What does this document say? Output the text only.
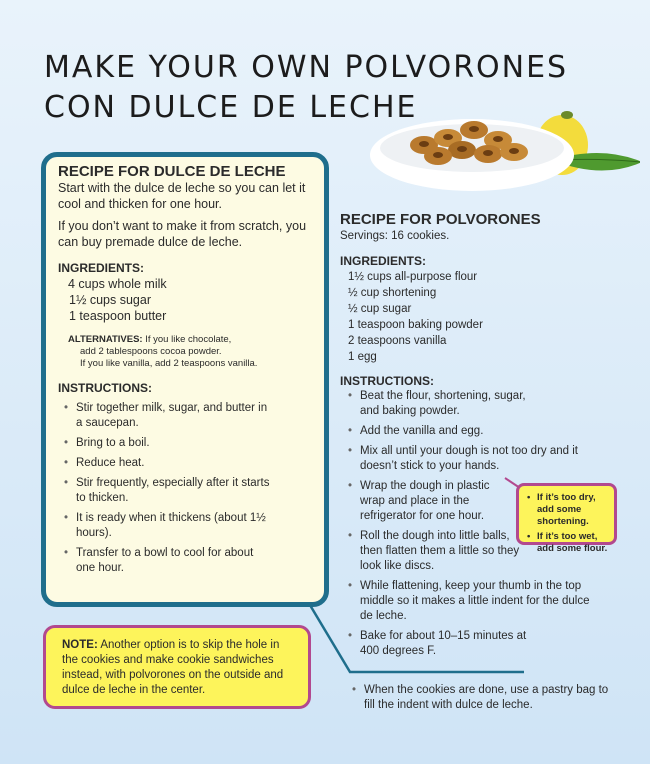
MAKE YOUR OWN POLVORONES
CON DULCE DE LECHE
RECIPE FOR DULCE DE LECHE

Start with the dulce de leche so you can let it cool and thicken for one hour.

If you don’t want to make it from scratch, you can buy premade dulce de leche.

INGREDIENTS:

4 cups whole milk
1½ cups sugar
1 teaspoon butter
ALTERNATIVES: If you like chocolate,
add 2 tablespoons cocoa powder.
If you like vanilla, add 2 teaspoons vanilla.

INSTRUCTIONS:

• Stir together milk, sugar, and butter in a saucepan.
• Bring to a boil.
• Reduce heat.
• Stir frequently, especially after it starts to thicken.
• It is ready when it thickens (about 1½ hours).
• Transfer to a bowl to cool for about one hour.
RECIPE FOR POLVORONES

Servings: 16 cookies.

INGREDIENTS:

1½ cups all-purpose flour
½ cup shortening
½ cup sugar
1 teaspoon baking powder
2 teaspoons vanilla
1 egg

INSTRUCTIONS:

• Beat the flour, shortening, sugar, and baking powder.
• Add the vanilla and egg.
• Mix all until your dough is not too dry and it doesn’t stick to your hands.
• Wrap the dough in plastic wrap and place in the refrigerator for one hour.
• Roll the dough into little balls, then flatten them a little so they look like discs.
• While flattening, keep your thumb in the top middle so it makes a little indent for the dulce de leche.
• Bake for about 10–15 minutes at 400 degrees F.
• If it’s too dry, add some shortening.
• If it’s too wet, add some flour.
NOTE: Another option is to skip the hole in the cookies and make cookie sandwiches instead, with polvorones on the outside and dulce de leche in the center.
•	When the cookies are done, use a pastry bag to fill the indent with dulce de leche.
